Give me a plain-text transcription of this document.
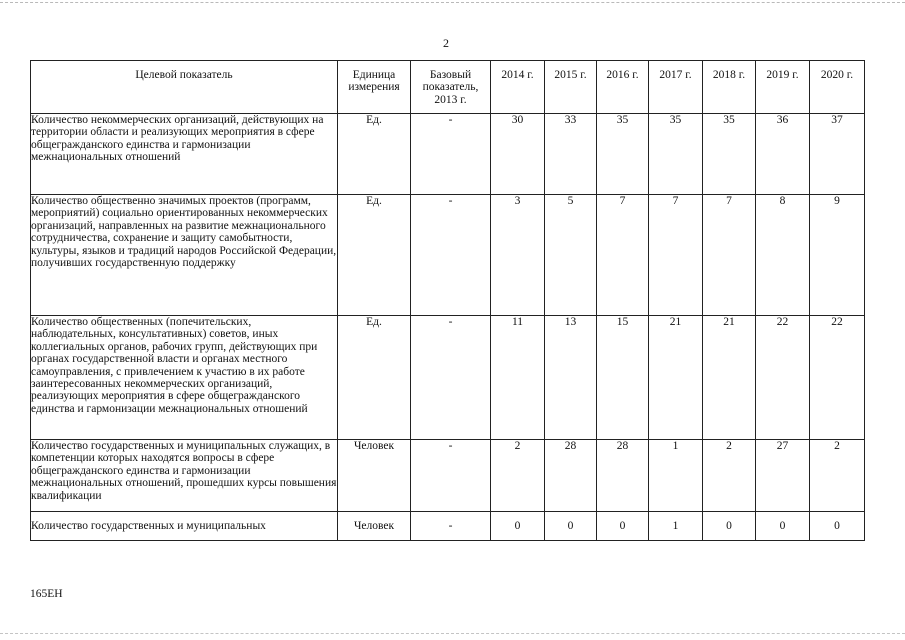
2
Целевой показатель	Единица измерения	Базовый показатель, 2013 г.	2014 г.	2015 г.	2016 г.	2017 г.	2018 г.	2019 г.	2020 г.
Количество некоммерческих организаций, действующих на территории области и реализующих мероприятия в сфере общегражданского единства и гармонизации межнациональных отношений	Ед.	-	30	33	35	35	35	36	37
Количество общественно значимых проектов (программ, мероприятий) социально ориентированных некоммерческих организаций, направленных на развитие межнационального сотрудничества, сохранение и защиту самобытности, культуры, языков и традиций народов Российской Федерации, получивших государственную поддержку	Ед.	-	3	5	7	7	7	8	9
Количество общественных (попечительских, наблюдательных, консультативных) советов, иных коллегиальных органов, рабочих групп, действующих при органах государственной власти и органах местного самоуправления, с привлечением к участию в их работе заинтересованных некоммерческих организаций, реализующих мероприятия в сфере общегражданского единства и гармонизации межнациональных отношений	Ед.	-	11	13	15	21	21	22	22
Количество государственных и муниципальных служащих, в компетенции которых находятся вопросы в сфере общегражданского единства и гармонизации межнациональных отношений, прошедших курсы повышения квалификации	Человек	-	2	28	28	1	2	27	2
Количество государственных и муниципальных	Человек	-	0	0	0	1	0	0	0
165ЕН
